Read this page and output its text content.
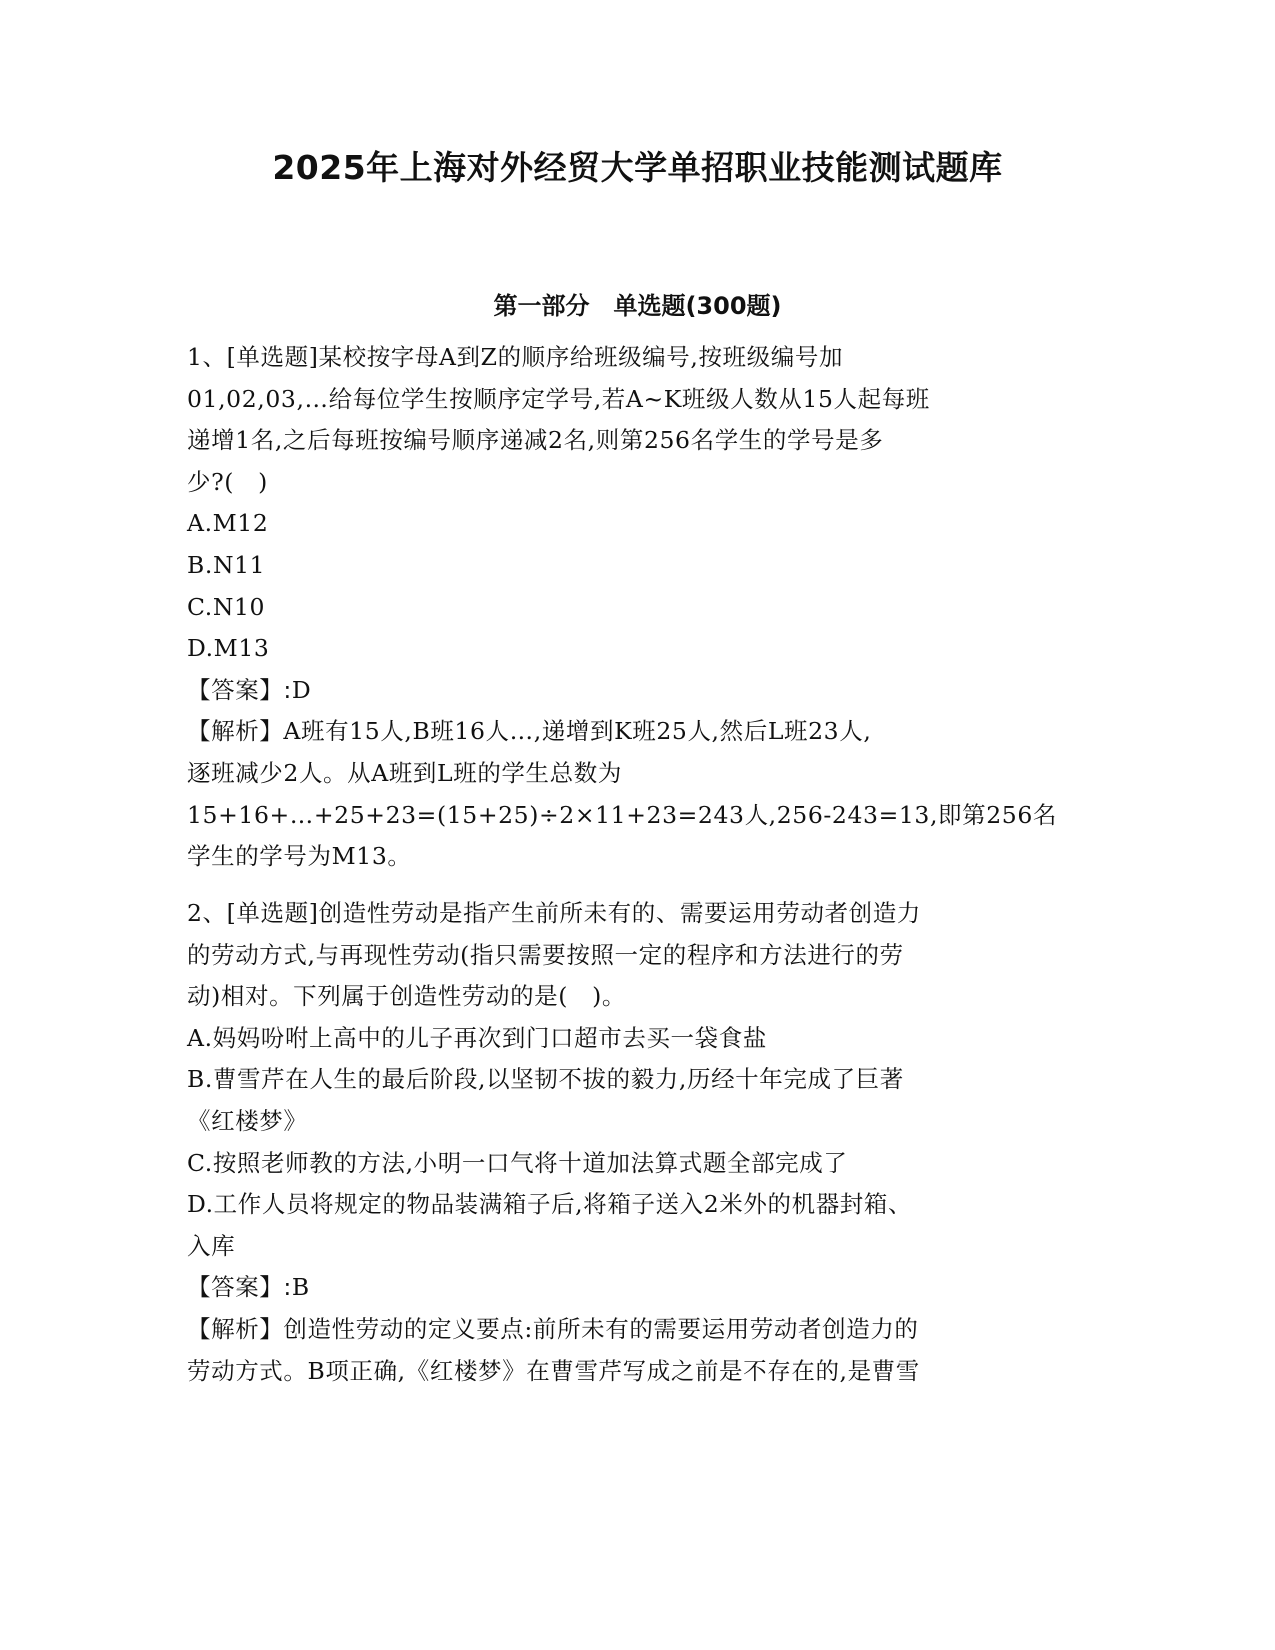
2025年上海对外经贸大学单招职业技能测试题库
第一部分　单选题(300题)
1、[单选题]某校按字母A到Z的顺序给班级编号,按班级编号加
01,02,03,…给每位学生按顺序定学号,若A~K班级人数从15人起每班
递增1名,之后每班按编号顺序递减2名,则第256名学生的学号是多
少?(　)
A.M12
B.N11
C.N10
D.M13
【答案】:D
【解析】A班有15人,B班16人…,递增到K班25人,然后L班23人,
逐班减少2人。从A班到L班的学生总数为
15+16+…+25+23=(15+25)÷2×11+23=243人,256-243=13,即第256名
学生的学号为M13。
2、[单选题]创造性劳动是指产生前所未有的、需要运用劳动者创造力
的劳动方式,与再现性劳动(指只需要按照一定的程序和方法进行的劳
动)相对。下列属于创造性劳动的是(　)。
A.妈妈吩咐上高中的儿子再次到门口超市去买一袋食盐
B.曹雪芹在人生的最后阶段,以坚韧不拔的毅力,历经十年完成了巨著
《红楼梦》
C.按照老师教的方法,小明一口气将十道加法算式题全部完成了
D.工作人员将规定的物品装满箱子后,将箱子送入2米外的机器封箱、
入库
【答案】:B
【解析】创造性劳动的定义要点:前所未有的需要运用劳动者创造力的
劳动方式。B项正确,《红楼梦》在曹雪芹写成之前是不存在的,是曹雪
